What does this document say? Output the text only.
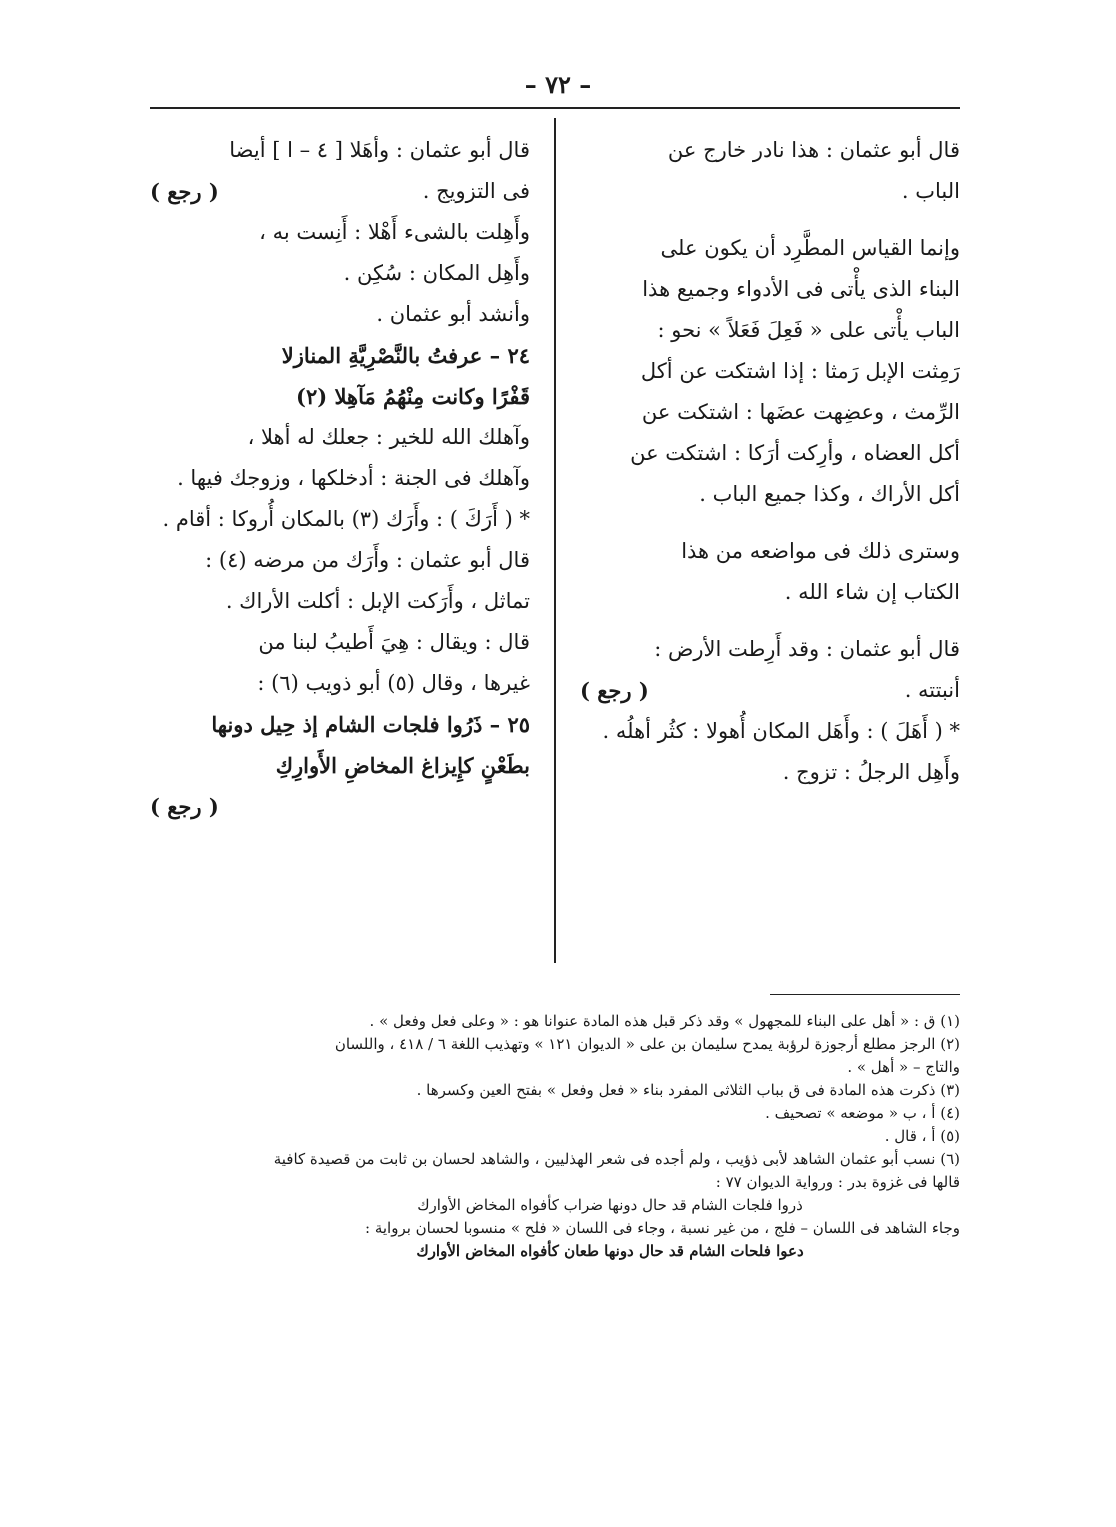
– ٧٢ –
قال أبو عثمان : هذا نادر خارج عن
الباب .
وإنما القياس المطَّرِد أن يكون على
البناء الذى يأْتى فى الأدواء وجميع هذا
الباب يأْتى على « فَعِلَ فَعَلاً » نحو :
رَمِثت الإبل رَمثا : إذا اشتكت عن أكل
الرِّمث ، وعضِهت عضَها : اشتكت عن
أكل العضاه ، وأرِكت أرَكا : اشتكت عن
أكل الأراك ، وكذا جميع الباب .
وسترى ذلك فى مواضعه من هذا
الكتاب إن شاء الله .
قال أبو عثمان : وقد أَرِطت الأرض :
( رجع )	أنبتته .
* ( أَهَلَ ) : وأَهَل المكان أُهولا : كثُر أهلُه .
وأَهِل الرجلُ : تزوج .
قال أبو عثمان : وأهَلا [ ٤ – ا ] أيضا
( رجع )	فى التزويج .
وأَهِلت بالشىء أَهْلا : أَنِست به ،
وأَهِل المكان : سُكِن .
وأنشد أبو عثمان .
٢٤ – عرفتُ بالنَّصْرِيَّةِ المنازلا
قَفْرًا وكانت مِنْهُمُ مَآهِلا (٢)
وآهلك الله للخير : جعلك له أهلا ،
وآهلك فى الجنة : أدخلكها ، وزوجك فيها .
* ( أَرَكَ ) : وأَرَك (٣) بالمكان أُروكا : أقام .
قال أبو عثمان : وأَرَك من مرضه (٤) :
تماثل ، وأَرَكت الإبل : أكلت الأراك .
قال : ويقال : هِيَ أَطيبُ لبنا من
غيرها ، وقال (٥) أبو ذويب (٦) :
٢٥ – ذَرُوا فلجات الشام إذ حِيل دونها
بطَعْنٍ كإِيزاغ المخاضِ الأَوارِكِ
( رجع )
(١) ق : « أهل على البناء للمجهول » وقد ذكر قبل هذه المادة عنوانا هو : « وعلى فعل وفعل » .
(٢) الرجز مطلع أرجوزة لرؤبة يمدح سليمان بن على « الديوان ١٢١ » وتهذيب اللغة ٦ / ٤١٨ ، واللسان
والتاج – « أهل » .
(٣) ذكرت هذه المادة فى ق بباب الثلاثى المفرد بناء « فعل وفعل » بفتح العين وكسرها .
(٤) أ ، ب « موضعه » تصحيف .
(٥) أ ، قال .
(٦) نسب أبو عثمان الشاهد لأبى ذؤيب ، ولم أجده فى شعر الهذليين ، والشاهد لحسان بن ثابت من قصيدة كافية
قالها فى غزوة بدر : ورواية الديوان ٧٧ :
ذروا فلجات الشام قد حال دونها ضراب كأفواه المخاض الأوارك
وجاء الشاهد فى اللسان – فلج ، من غير نسبة ، وجاء فى اللسان « فلح » منسوبا لحسان برواية :
دعوا فلحات الشام قد حال دونها طعان كأفواه المخاض الأوارك
